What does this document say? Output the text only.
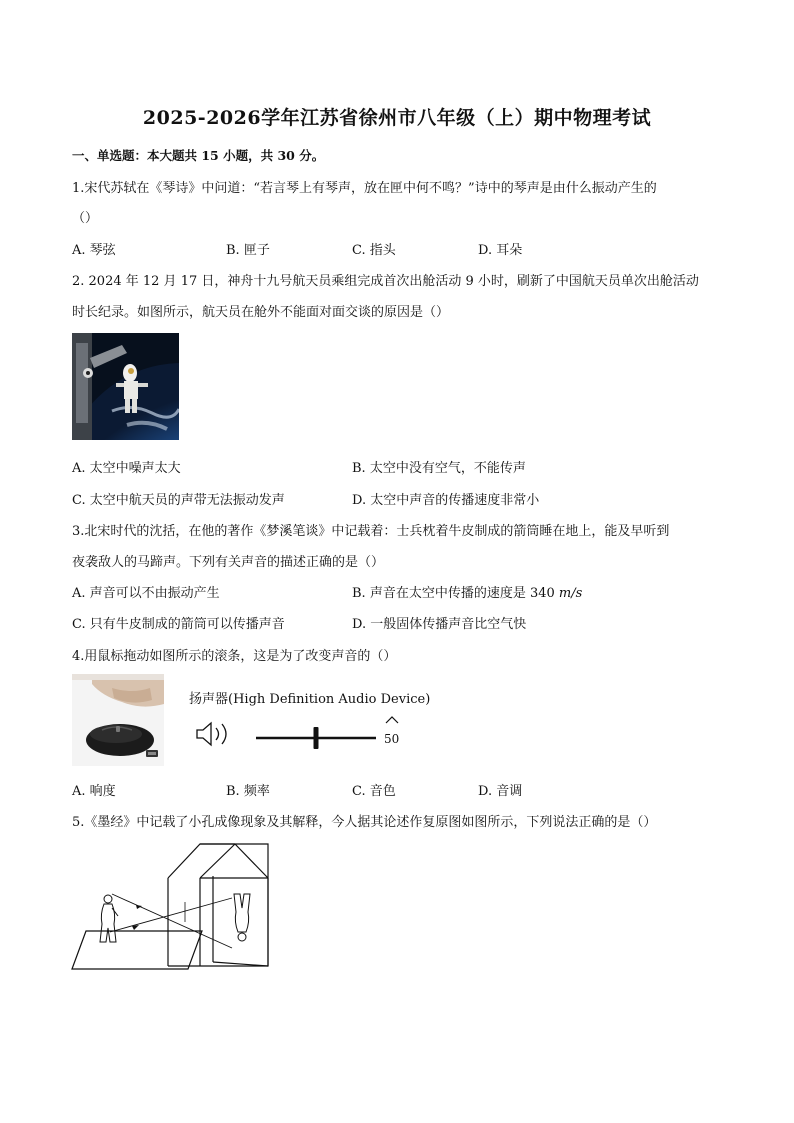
2025-2026学年江苏省徐州市八年级（上）期中物理考试
一、单选题：本大题共 15 小题，共 30 分。
1.宋代苏轼在《琴诗》中问道：“若言琴上有琴声，放在匣中何不鸣？”诗中的琴声是由什么振动产生的
（）
A. 琴弦	B. 匣子	C. 指头	D. 耳朵
2. 2024 年 12 月 17 日，神舟十九号航天员乘组完成首次出舱活动 9 小时，刷新了中国航天员单次出舱活动
时长纪录。如图所示，航天员在舱外不能面对面交谈的原因是（）
A. 太空中噪声太大	B. 太空中没有空气，不能传声
C. 太空中航天员的声带无法振动发声	D. 太空中声音的传播速度非常小
3.北宋时代的沈括，在他的著作《梦溪笔谈》中记载着：士兵枕着牛皮制成的箭筒睡在地上，能及早听到
夜袭敌人的马蹄声。下列有关声音的描述正确的是（）
A. 声音可以不由振动产生	B. 声音在太空中传播的速度是 340 m/s
C. 只有牛皮制成的箭筒可以传播声音	D. 一般固体传播声音比空气快
4.用鼠标拖动如图所示的滚条，这是为了改变声音的（）
扬声器(High Definition Audio Device)
50
A. 响度	B. 频率	C. 音色	D. 音调
5.《墨经》中记载了小孔成像现象及其解释，今人据其论述作复原图如图所示，下列说法正确的是（）
